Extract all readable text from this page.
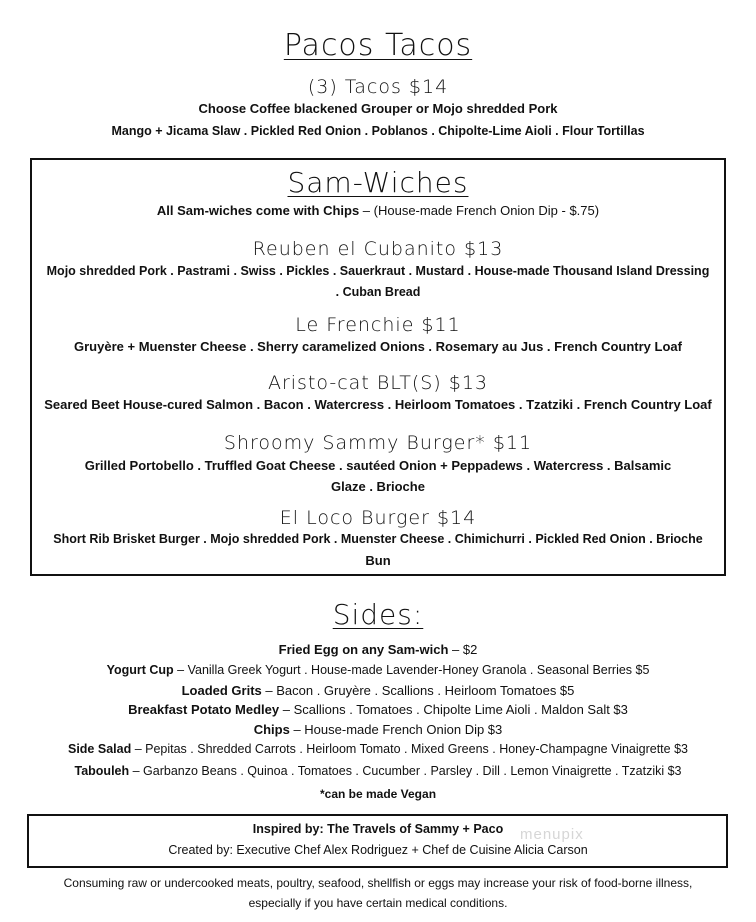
Pacos Tacos
(3) Tacos $14
Choose Coffee blackened Grouper or Mojo shredded Pork
Mango + Jicama Slaw . Pickled Red Onion . Poblanos . Chipolte-Lime Aioli . Flour Tortillas
Sam-Wiches
All Sam-wiches come with Chips – (House-made French Onion Dip - $.75)
Reuben el Cubanito $13
Mojo shredded Pork . Pastrami . Swiss . Pickles . Sauerkraut . Mustard . House-made Thousand Island Dressing
. Cuban Bread
Le Frenchie $11
Gruyère + Muenster Cheese . Sherry caramelized Onions . Rosemary au Jus . French Country Loaf
Aristo-cat BLT(S) $13
Seared Beet House-cured Salmon . Bacon . Watercress . Heirloom Tomatoes . Tzatziki . French Country Loaf
Shroomy Sammy Burger* $11
Grilled Portobello . Truffled Goat Cheese . sautéed Onion + Peppadews . Watercress . Balsamic
Glaze . Brioche
El Loco Burger $14
Short Rib Brisket Burger . Mojo shredded Pork . Muenster Cheese . Chimichurri . Pickled Red Onion . Brioche
Bun
Sides:
Fried Egg on any Sam-wich – $2
Yogurt Cup – Vanilla Greek Yogurt . House-made Lavender-Honey Granola . Seasonal Berries $5
Loaded Grits – Bacon . Gruyère . Scallions . Heirloom Tomatoes $5
Breakfast Potato Medley – Scallions . Tomatoes . Chipolte Lime Aioli . Maldon Salt $3
Chips – House-made French Onion Dip $3
Side Salad – Pepitas . Shredded Carrots . Heirloom Tomato . Mixed Greens . Honey-Champagne Vinaigrette $3
Tabouleh – Garbanzo Beans . Quinoa . Tomatoes . Cucumber . Parsley . Dill . Lemon Vinaigrette . Tzatziki $3
*can be made Vegan
Inspired by: The Travels of Sammy + Paco
Created by: Executive Chef Alex Rodriguez + Chef de Cuisine Alicia Carson
menupix
Consuming raw or undercooked meats, poultry, seafood, shellfish or eggs may increase your risk of food-borne illness,
especially if you have certain medical conditions.
